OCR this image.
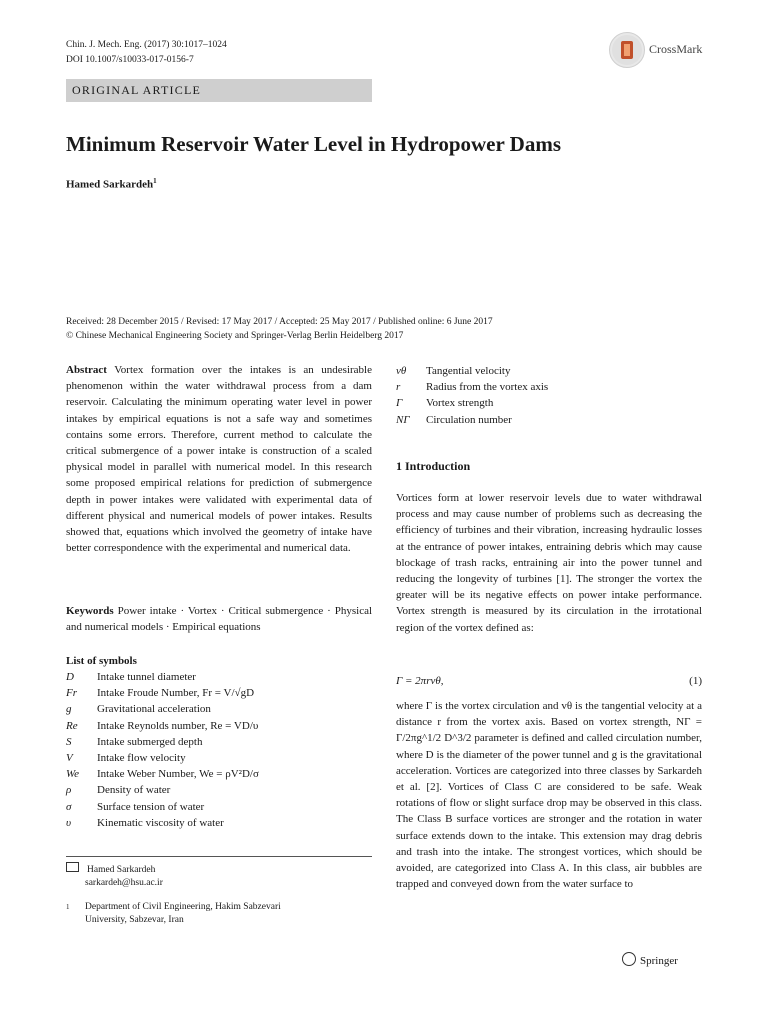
Chin. J. Mech. Eng. (2017) 30:1017–1024
DOI 10.1007/s10033-017-0156-7
CrossMark
ORIGINAL ARTICLE
Minimum Reservoir Water Level in Hydropower Dams
Hamed Sarkardeh$^1$
Received: 28 December 2015 / Revised: 17 May 2017 / Accepted: 25 May 2017 / Published online: 6 June 2017
© Chinese Mechanical Engineering Society and Springer-Verlag Berlin Heidelberg 2017
Abstract Vortex formation over the intakes is an undesirable phenomenon within the water withdrawal process from a dam reservoir. Calculating the minimum operating water level in power intakes by empirical equations is not a safe way and sometimes contains some errors. Therefore, current method to calculate the critical submergence of a power intake is construction of a scaled physical model in parallel with numerical model. In this research some proposed empirical relations for prediction of submergence depth in power intakes were validated with experimental data of different physical and numerical models of power intakes. Results showed that, equations which involved the geometry of intake have better correspondence with the experimental and numerical data.
Keywords Power intake · Vortex · Critical submergence · Physical and numerical models · Empirical equations
List of symbols
D	Intake tunnel diameter
Fr	Intake Froude Number, Fr = V/√gD
g	Gravitational acceleration
Re	Intake Reynolds number, Re = VD/υ
S	Intake submerged depth
V	Intake flow velocity
We	Intake Weber Number, We = ρV²D/σ
ρ	Density of water
σ	Surface tension of water
υ	Kinematic viscosity of water
Hamed Sarkardeh
sarkardeh@hsu.ac.ir
1 Department of Civil Engineering, Hakim Sabzevari
University, Sabzevar, Iran
vθ	Tangential velocity
r	Radius from the vortex axis
Γ	Vortex strength
NΓ	Circulation number
1 Introduction
Vortices form at lower reservoir levels due to water withdrawal process and may cause number of problems such as decreasing the efficiency of turbines and their vibration, increasing hydraulic losses at the entrance of power intakes, entraining debris which may cause blockage of trash racks, entraining air into the power tunnel and reducing the longevity of turbines [1]. The stronger the vortex the greater will be its negative effects on power intake performance. Vortex strength is measured by its circulation in the irrotational region of the vortex defined as:
Γ = 2πrvθ,	(1)
where Γ is the vortex circulation and vθ is the tangential velocity at a distance r from the vortex axis. Based on vortex strength, NΓ = Γ/2πg^1/2 D^3/2 parameter is defined and called circulation number, where D is the diameter of the power tunnel and g is the gravitational acceleration. Vortices are categorized into three classes by Sarkardeh et al. [2]. Vortices of Class C are considered to be safe. Weak rotations of flow or slight surface drop may be observed in this class. The Class B surface vortices are stronger and the rotation in water surface extends down to the intake. This extension may drag debris and trash into the intake. The strongest vortices, which should be avoided, are categorized into Class A. In this class, air bubbles are trapped and conveyed down from the water surface to
Springer
